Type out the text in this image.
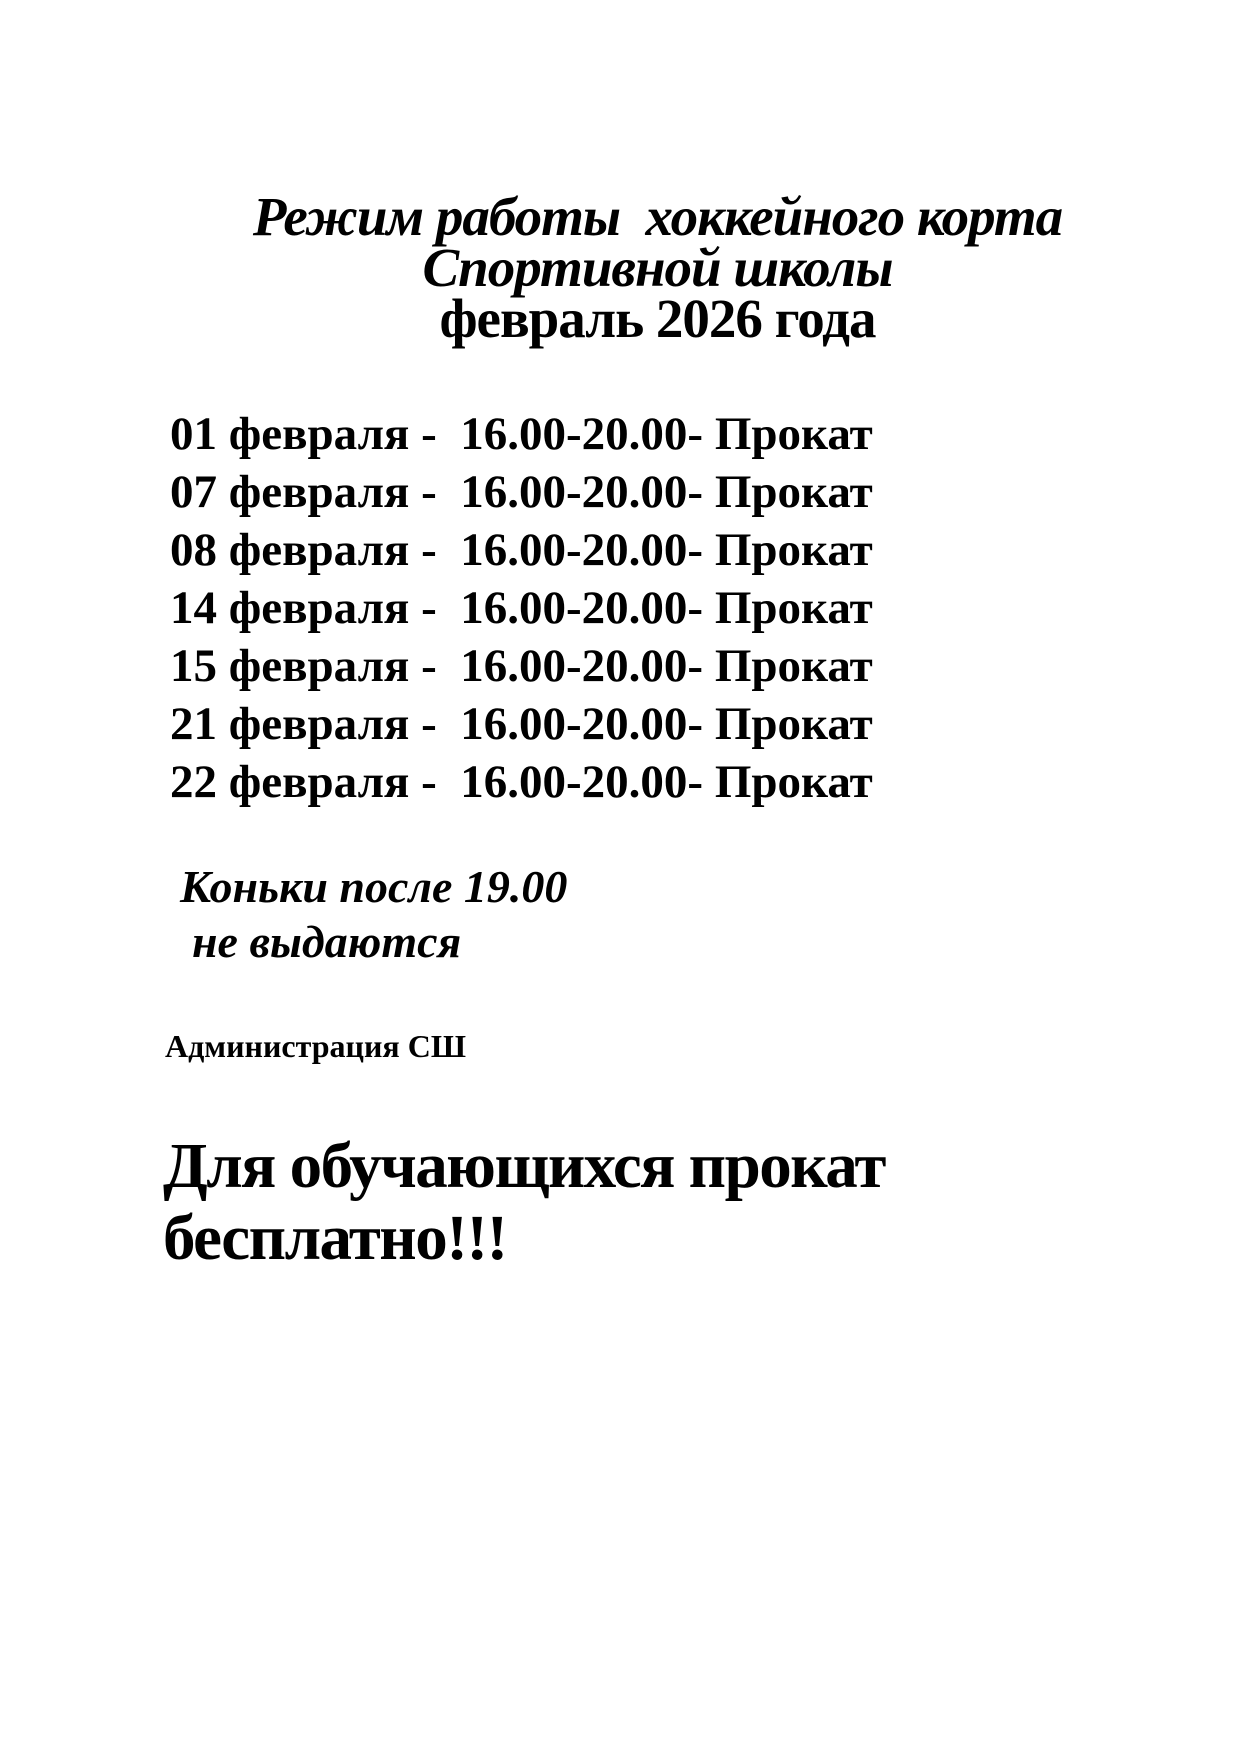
Режим работы  хоккейного корта
Спортивной школы
февраль 2026 года
01 февраля -  16.00-20.00- Прокат
07 февраля -  16.00-20.00- Прокат
08 февраля -  16.00-20.00- Прокат
14 февраля -  16.00-20.00- Прокат
15 февраля -  16.00-20.00- Прокат
21 февраля -  16.00-20.00- Прокат
22 февраля -  16.00-20.00- Прокат
Коньки после 19.00
не выдаются
Администрация СШ
Для обучающихся прокат
бесплатно!!!
